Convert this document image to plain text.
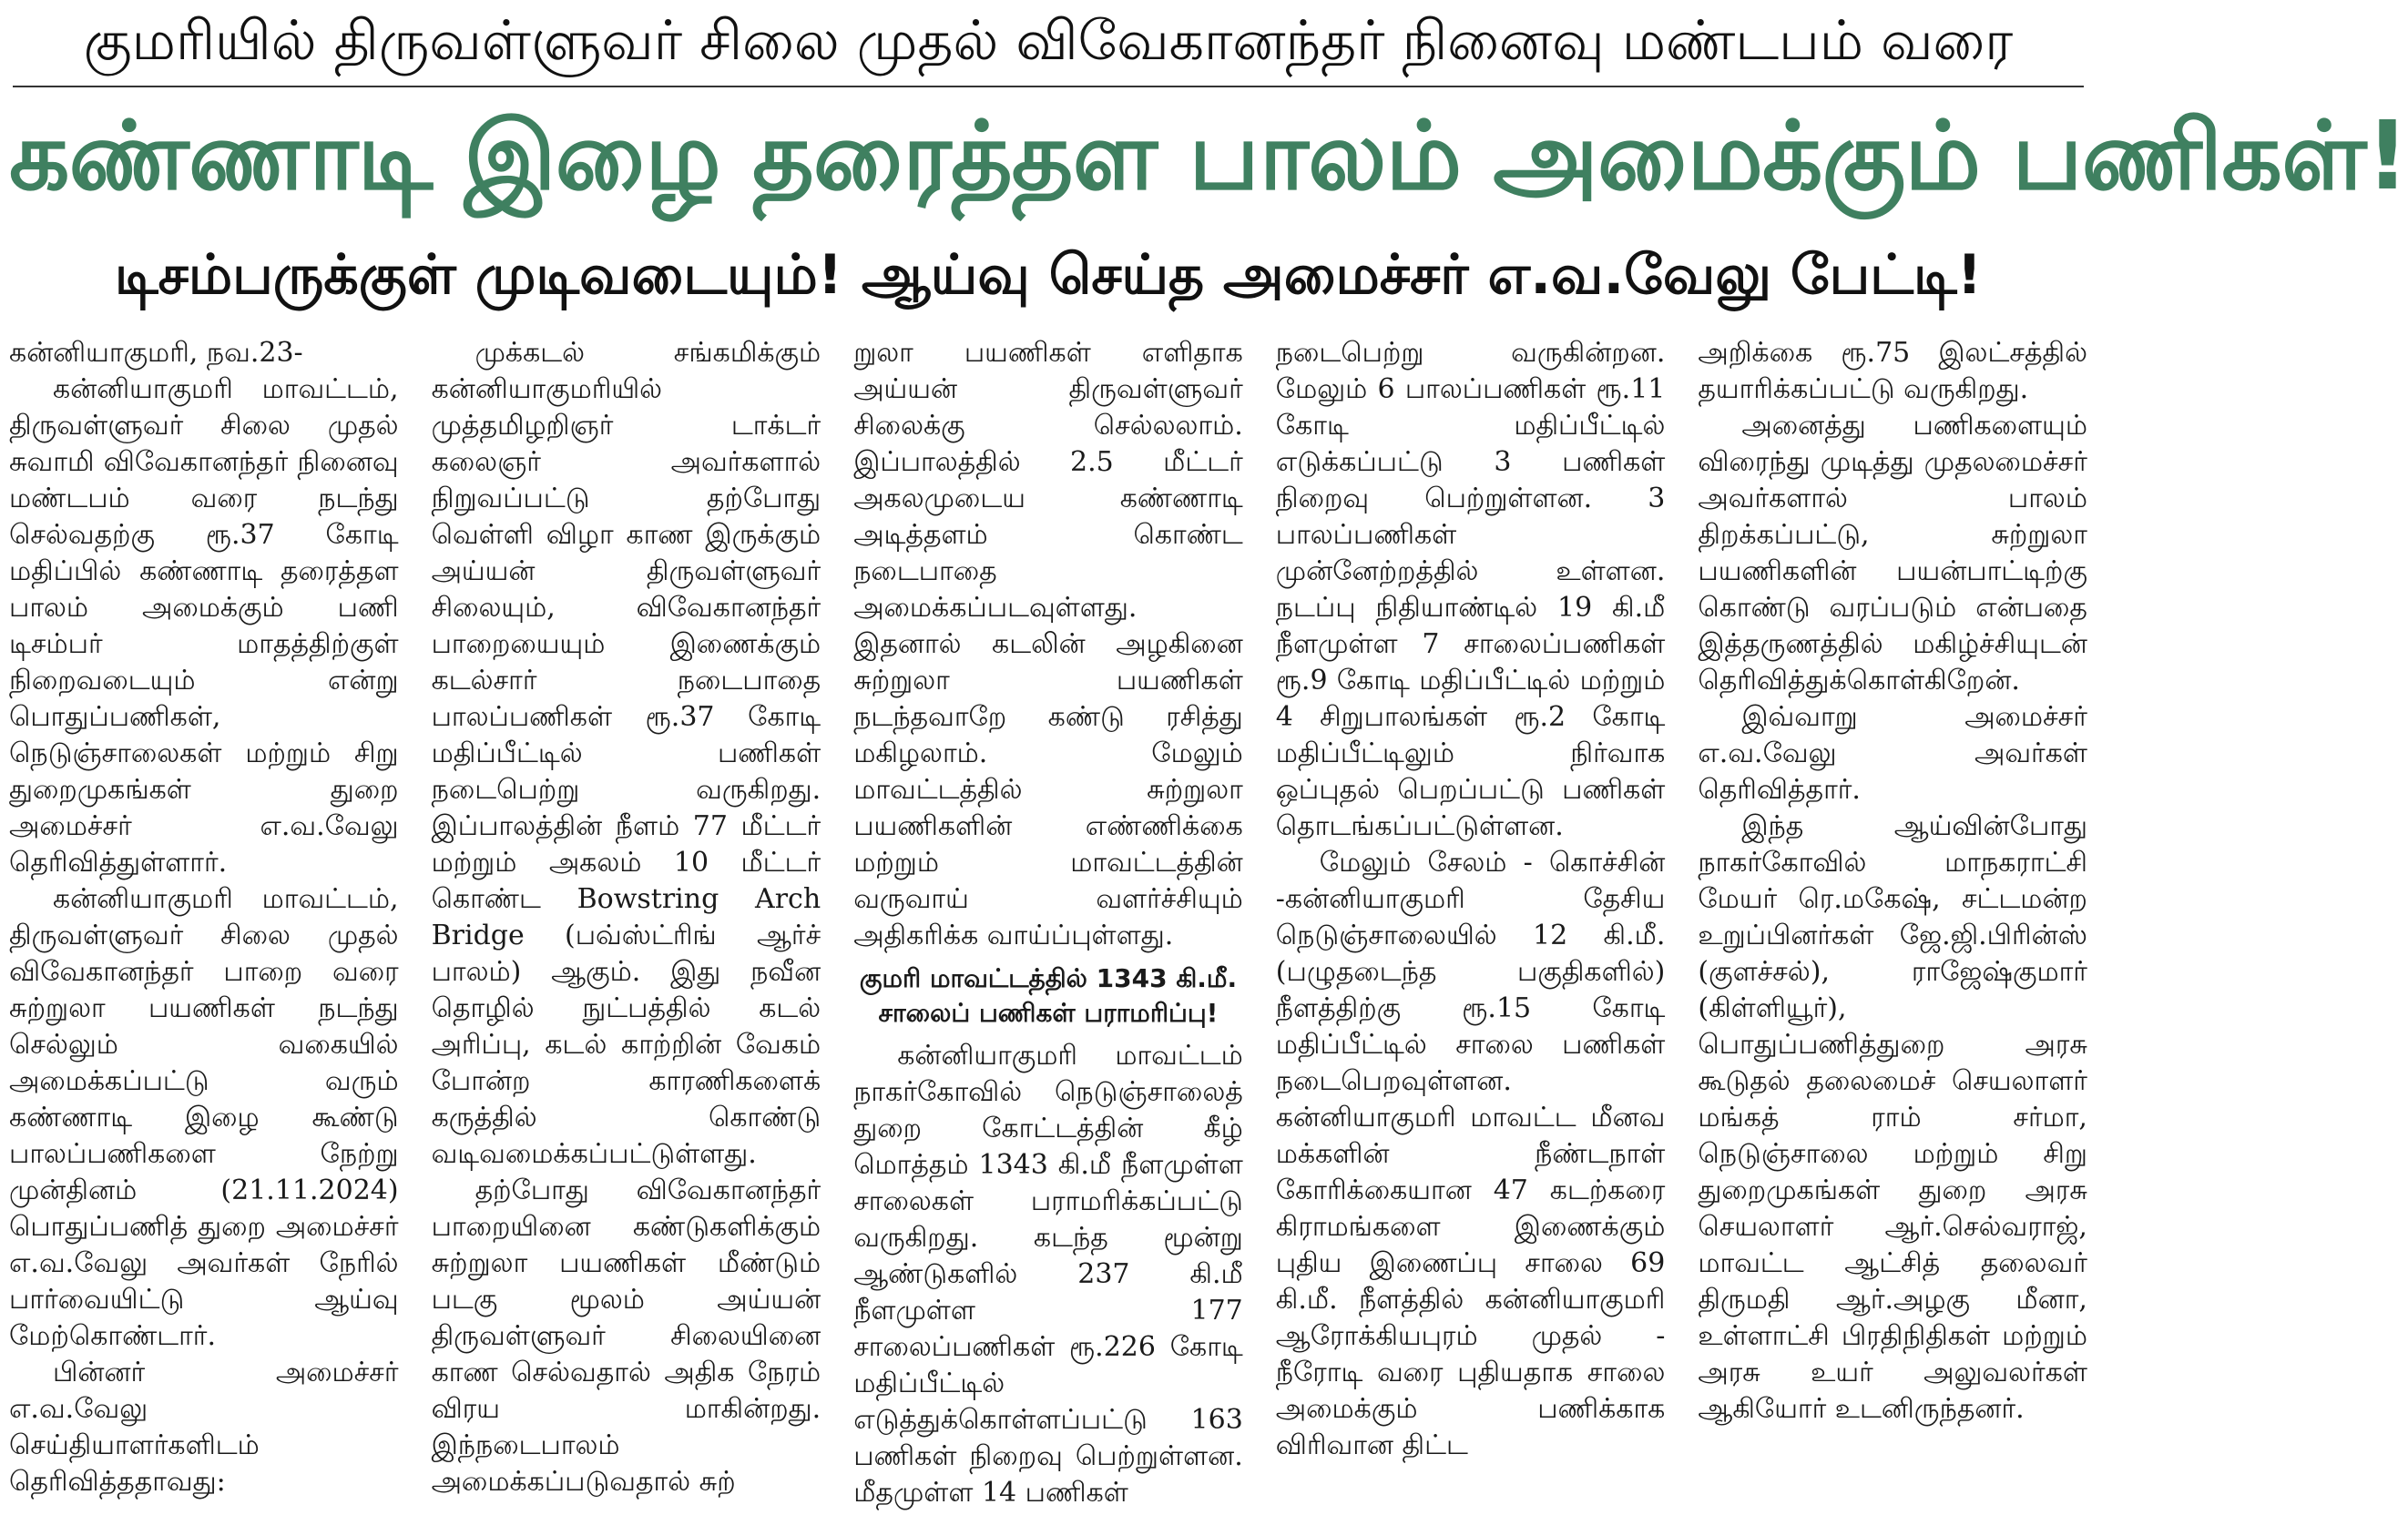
குமரியில் திருவள்ளுவர் சிலை முதல் விவேகானந்தர் நினைவு மண்டபம் வரை
கண்ணாடி இழை தரைத்தள பாலம் அமைக்கும் பணிகள்!
டிசம்பருக்குள் முடிவடையும்! ஆய்வு செய்த அமைச்சர் எ.வ.வேலு பேட்டி!

கன்னியாகுமரி, நவ.23-

கன்னியாகுமரி மாவட்டம், திருவள்ளுவர் சிலை முதல் சுவாமி விவேகானந்தர் நினைவு மண்டபம் வரை நடந்து செல்வதற்கு ரூ.37 கோடி மதிப்பில் கண்ணாடி தரைத்தள பாலம் அமைக்கும் பணி டிசம்பர் மாதத்திற்குள் நிறைவடையும் என்று பொதுப்பணிகள், நெடுஞ்சாலைகள் மற்றும் சிறு துறைமுகங்கள் துறை அமைச்சர் எ.வ.வேலு தெரிவித்துள்ளார்.

கன்னியாகுமரி மாவட்டம், திருவள்ளுவர் சிலை முதல் விவேகானந்தர் பாறை வரை சுற்றுலா பயணிகள் நடந்து செல்லும் வகையில் அமைக்கப்பட்டு வரும் கண்ணாடி இழை கூண்டு பாலப்பணிகளை நேற்று முன்தினம் (21.11.2024) பொதுப்பணித் துறை அமைச்சர் எ.வ.வேலு அவர்கள் நேரில் பார்வையிட்டு ஆய்வு மேற்கொண்டார்.

பின்னர் அமைச்சர் எ.வ.வேலு செய்தியாளர்களிடம் தெரிவித்ததாவது:

முக்கடல் சங்கமிக்கும் கன்னியாகுமரியில் முத்தமிழறிஞர் டாக்டர் கலைஞர் அவர்களால் நிறுவப்பட்டு தற்போது வெள்ளி விழா காண இருக்கும் அய்யன் திருவள்ளுவர் சிலையும், விவேகானந்தர் பாறையையும் இணைக்கும் கடல்சார் நடைபாதை பாலப்பணிகள் ரூ.37 கோடி மதிப்பீட்டில் பணிகள் நடைபெற்று வருகிறது. இப்பாலத்தின் நீளம் 77 மீட்டர் மற்றும் அகலம் 10 மீட்டர் கொண்ட Bowstring Arch Bridge (பவ்ஸ்ட்ரிங் ஆர்ச் பாலம்) ஆகும். இது நவீன தொழில் நுட்பத்தில் கடல் அரிப்பு, கடல் காற்றின் வேகம் போன்ற காரணிகளைக் கருத்தில் கொண்டு வடிவமைக்கப்பட்டுள்ளது.

தற்போது விவேகானந்தர் பாறையினை கண்டுகளிக்கும் சுற்றுலா பயணிகள் மீண்டும் படகு மூலம் அய்யன் திருவள்ளுவர் சிலையினை காண செல்வதால் அதிக நேரம் விரய மாகின்றது. இந்நடைபாலம் அமைக்கப்படுவதால் சுற்

றுலா பயணிகள் எளிதாக அய்யன் திருவள்ளுவர் சிலைக்கு செல்லலாம். இப்பாலத்தில் 2.5 மீட்டர் அகலமுடைய கண்ணாடி அடித்தளம் கொண்ட நடைபாதை அமைக்கப்படவுள்ளது. இதனால் கடலின் அழகினை சுற்றுலா பயணிகள் நடந்தவாறே கண்டு ரசித்து மகிழலாம். மேலும் மாவட்டத்தில் சுற்றுலா பயணிகளின் எண்ணிக்கை மற்றும் மாவட்டத்தின் வருவாய் வளர்ச்சியும் அதிகரிக்க வாய்ப்புள்ளது.

குமரி மாவட்டத்தில் 1343 கி.மீ. சாலைப் பணிகள் பராமரிப்பு!

கன்னியாகுமரி மாவட்டம் நாகர்கோவில் நெடுஞ்சாலைத் துறை கோட்டத்தின் கீழ் மொத்தம் 1343 கி.மீ நீளமுள்ள சாலைகள் பராமரிக்கப்பட்டு வருகிறது. கடந்த மூன்று ஆண்டுகளில் 237 கி.மீ நீளமுள்ள 177 சாலைப்பணிகள் ரூ.226 கோடி மதிப்பீட்டில் எடுத்துக்கொள்ளப்பட்டு 163 பணிகள் நிறைவு பெற்றுள்ளன. மீதமுள்ள 14 பணிகள்

நடைபெற்று வருகின்றன. மேலும் 6 பாலப்பணிகள் ரூ.11 கோடி மதிப்பீட்டில் எடுக்கப்பட்டு 3 பணிகள் நிறைவு பெற்றுள்ளன. 3 பாலப்பணிகள் முன்னேற்றத்தில் உள்ளன. நடப்பு நிதியாண்டில் 19 கி.மீ நீளமுள்ள 7 சாலைப்பணிகள் ரூ.9 கோடி மதிப்பீட்டில் மற்றும் 4 சிறுபாலங்கள் ரூ.2 கோடி மதிப்பீட்டிலும் நிர்வாக ஒப்புதல் பெறப்பட்டு பணிகள் தொடங்கப்பட்டுள்ளன.

மேலும் சேலம் - கொச்சின் -கன்னியாகுமரி தேசிய நெடுஞ்சாலையில் 12 கி.மீ. (பழுதடைந்த பகுதிகளில்) நீளத்திற்கு ரூ.15 கோடி மதிப்பீட்டில் சாலை பணிகள் நடைபெறவுள்ளன. கன்னியாகுமரி மாவட்ட மீனவ மக்களின் நீண்டநாள் கோரிக்கையான 47 கடற்கரை கிராமங்களை இணைக்கும் புதிய இணைப்பு சாலை 69 கி.மீ. நீளத்தில் கன்னியாகுமரி ஆரோக்கியபுரம் முதல் - நீரோடி வரை புதியதாக சாலை அமைக்கும் பணிக்காக விரிவான திட்ட

அறிக்கை ரூ.75 இலட்சத்தில் தயாரிக்கப்பட்டு வருகிறது.

அனைத்து பணிகளையும் விரைந்து முடித்து முதலமைச்சர் அவர்களால் பாலம் திறக்கப்பட்டு, சுற்றுலா பயணிகளின் பயன்பாட்டிற்கு கொண்டு வரப்படும் என்பதை இத்தருணத்தில் மகிழ்ச்சியுடன் தெரிவித்துக்கொள்கிறேன்.

இவ்வாறு அமைச்சர் எ.வ.வேலு அவர்கள் தெரிவித்தார்.

இந்த ஆய்வின்போது நாகர்கோவில் மாநகராட்சி மேயர் ரெ.மகேஷ், சட்டமன்ற உறுப்பினர்கள் ஜே.ஜி.பிரின்ஸ் (குளச்சல்), ராஜேஷ்குமார் (கிள்ளியூர்), பொதுப்பணித்துறை அரசு கூடுதல் தலைமைச் செயலாளர் மங்கத் ராம் சர்மா, நெடுஞ்சாலை மற்றும் சிறு துறைமுகங்கள் துறை அரசு செயலாளர் ஆர்.செல்வராஜ், மாவட்ட ஆட்சித் தலைவர் திருமதி ஆர்.அழகு மீனா, உள்ளாட்சி பிரதிநிதிகள் மற்றும் அரசு உயர் அலுவலர்கள் ஆகியோர் உடனிருந்தனர்.
